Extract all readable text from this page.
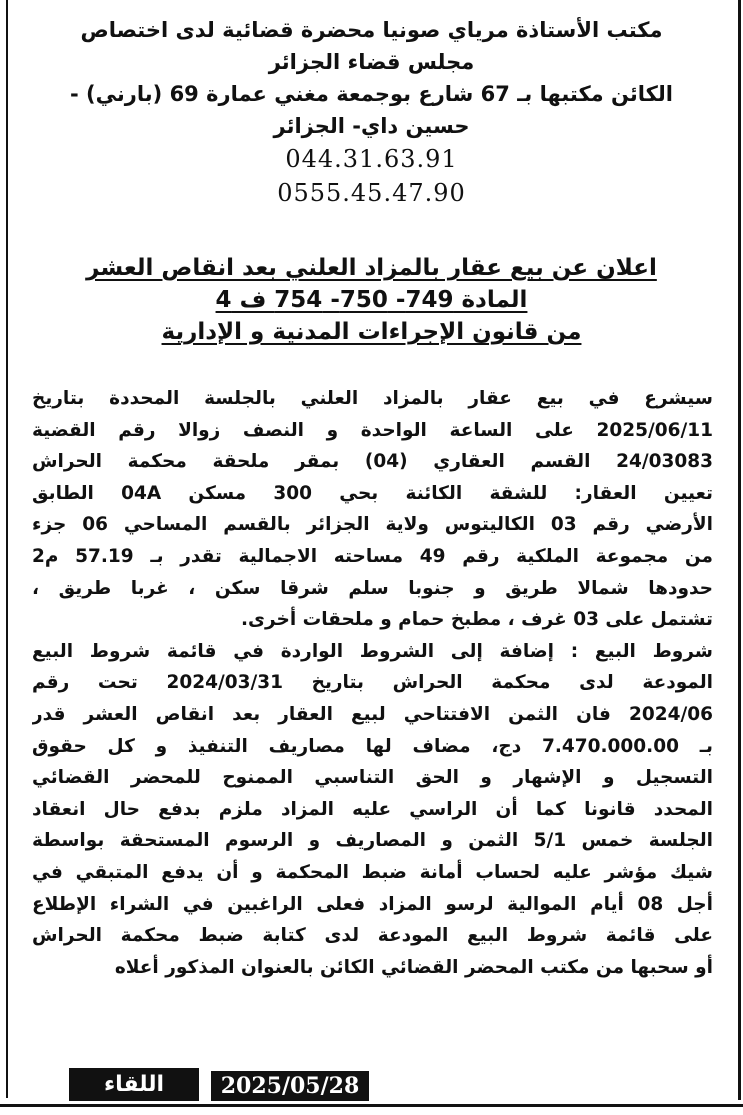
مكتب الأستاذة مرياي صونيا محضرة قضائية لدى اختصاص
مجلس قضاء الجزائر
الكائن مكتبها بـ 67 شارع بوجمعة مغني عمارة 69 (بارني) -
حسين داي- الجزائر
044.31.63.91
0555.45.47.90
اعلان عن بيع عقار بالمزاد العلني بعد انقاص العشر
المادة 749- 750- 754 ف 4
من قانون الإجراءات المدنية و الإدارية
سيشرع في بيع عقار بالمزاد العلني بالجلسة المحددة بتاريخ
2025/06/11 على الساعة الواحدة و النصف زوالا رقم القضية
24/03083 القسم العقاري (04) بمقر ملحقة محكمة الحراش
تعيين العقار: للشقة الكائنة بحي 300 مسكن 04A الطابق
الأرضي رقم 03 الكاليتوس ولاية الجزائر بالقسم المساحي 06 جزء
من مجموعة الملكية رقم 49 مساحته الاجمالية تقدر بـ 57.19 م2
حدودها شمالا طريق و جنوبا سلم شرقا سكن ، غربا طريق ،
تشتمل على 03 غرف ، مطبخ حمام و ملحقات أخرى.
شروط البيع : إضافة إلى الشروط الواردة في قائمة شروط البيع
المودعة لدى محكمة الحراش بتاريخ 2024/03/31 تحت رقم
2024/06 فان الثمن الافتتاحي لبيع العقار بعد انقاص العشر قدر
بـ 7.470.000.00 دج، مضاف لها مصاريف التنفيذ و كل حقوق
التسجيل و الإشهار و الحق التناسبي الممنوح للمحضر القضائي
المحدد قانونا كما أن الراسي عليه المزاد ملزم بدفع حال انعقاد
الجلسة خمس 5/1 الثمن و المصاريف و الرسوم المستحقة بواسطة
شيك مؤشر عليه لحساب أمانة ضبط المحكمة و أن يدفع المتبقي في
أجل 08 أيام الموالية لرسو المزاد فعلى الراغبين في الشراء الإطلاع
على قائمة شروط البيع المودعة لدى كتابة ضبط محكمة الحراش
أو سحبها من مكتب المحضر القضائي الكائن بالعنوان المذكور أعلاه
اللقاء	2025/05/28
